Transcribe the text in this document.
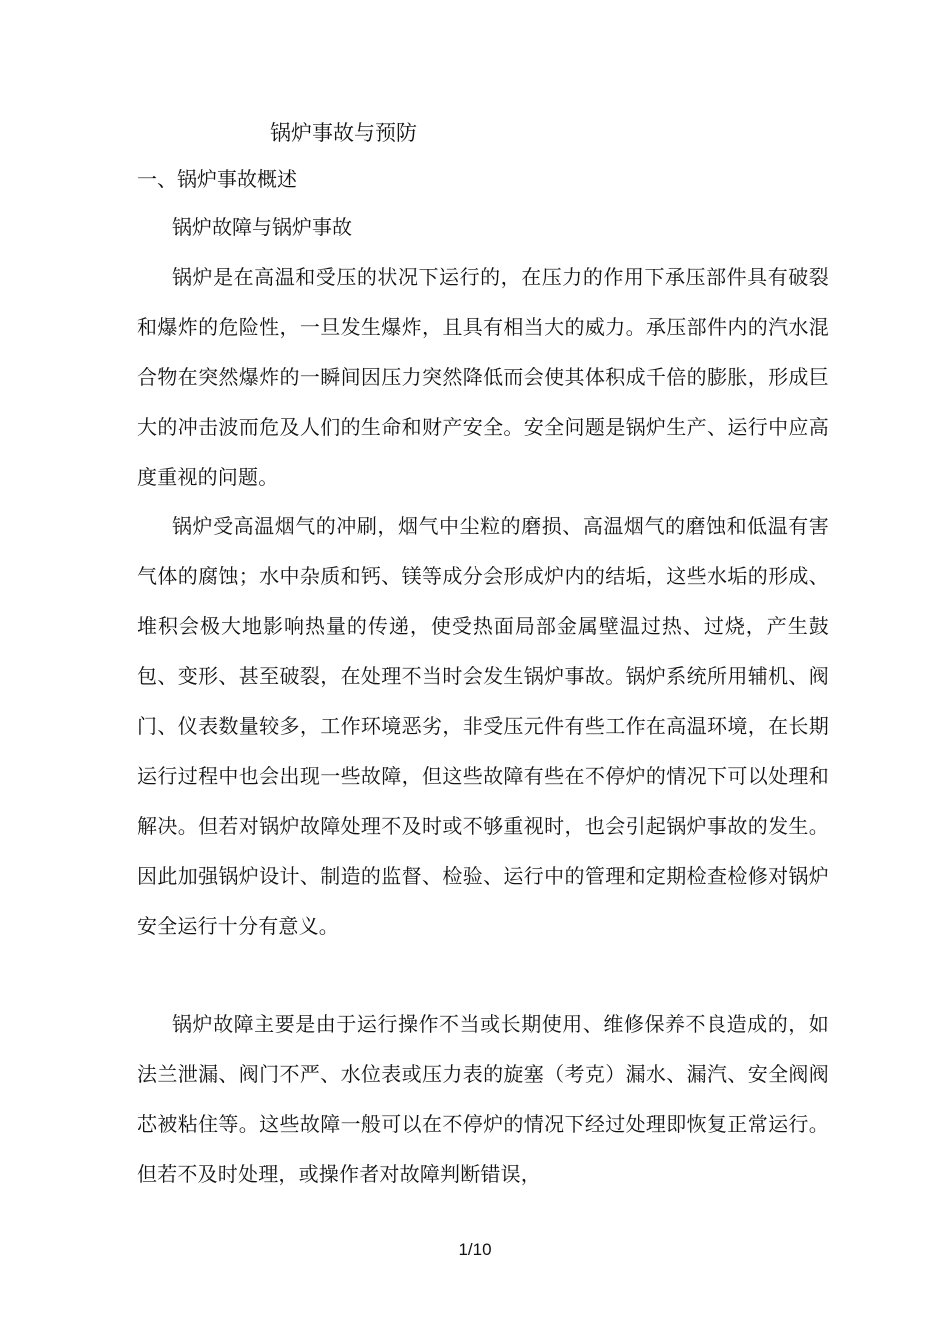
锅炉事故与预防
一、锅炉事故概述
锅炉故障与锅炉事故

锅炉是在高温和受压的状况下运行的，在压力的作用下承压部件具有破裂和爆炸的危险性，一旦发生爆炸，且具有相当大的威力。承压部件内的汽水混合物在突然爆炸的一瞬间因压力突然降低而会使其体积成千倍的膨胀，形成巨大的冲击波而危及人们的生命和财产安全。安全问题是锅炉生产、运行中应高度重视的问题。

锅炉受高温烟气的冲刷，烟气中尘粒的磨损、高温烟气的磨蚀和低温有害气体的腐蚀；水中杂质和钙、镁等成分会形成炉内的结垢，这些水垢的形成、堆积会极大地影响热量的传递，使受热面局部金属壁温过热、过烧，产生鼓包、变形、甚至破裂，在处理不当时会发生锅炉事故。锅炉系统所用辅机、阀门、仪表数量较多，工作环境恶劣，非受压元件有些工作在高温环境，在长期运行过程中也会出现一些故障，但这些故障有些在不停炉的情况下可以处理和解决。但若对锅炉故障处理不及时或不够重视时，也会引起锅炉事故的发生。因此加强锅炉设计、制造的监督、检验、运行中的管理和定期检查检修对锅炉安全运行十分有意义。

锅炉故障主要是由于运行操作不当或长期使用、维修保养不良造成的，如法兰泄漏、阀门不严、水位表或压力表的旋塞（考克）漏水、漏汽、安全阀阀芯被粘住等。这些故障一般可以在不停炉的情况下经过处理即恢复正常运行。但若不及时处理，或操作者对故障判断错误，

1/10
